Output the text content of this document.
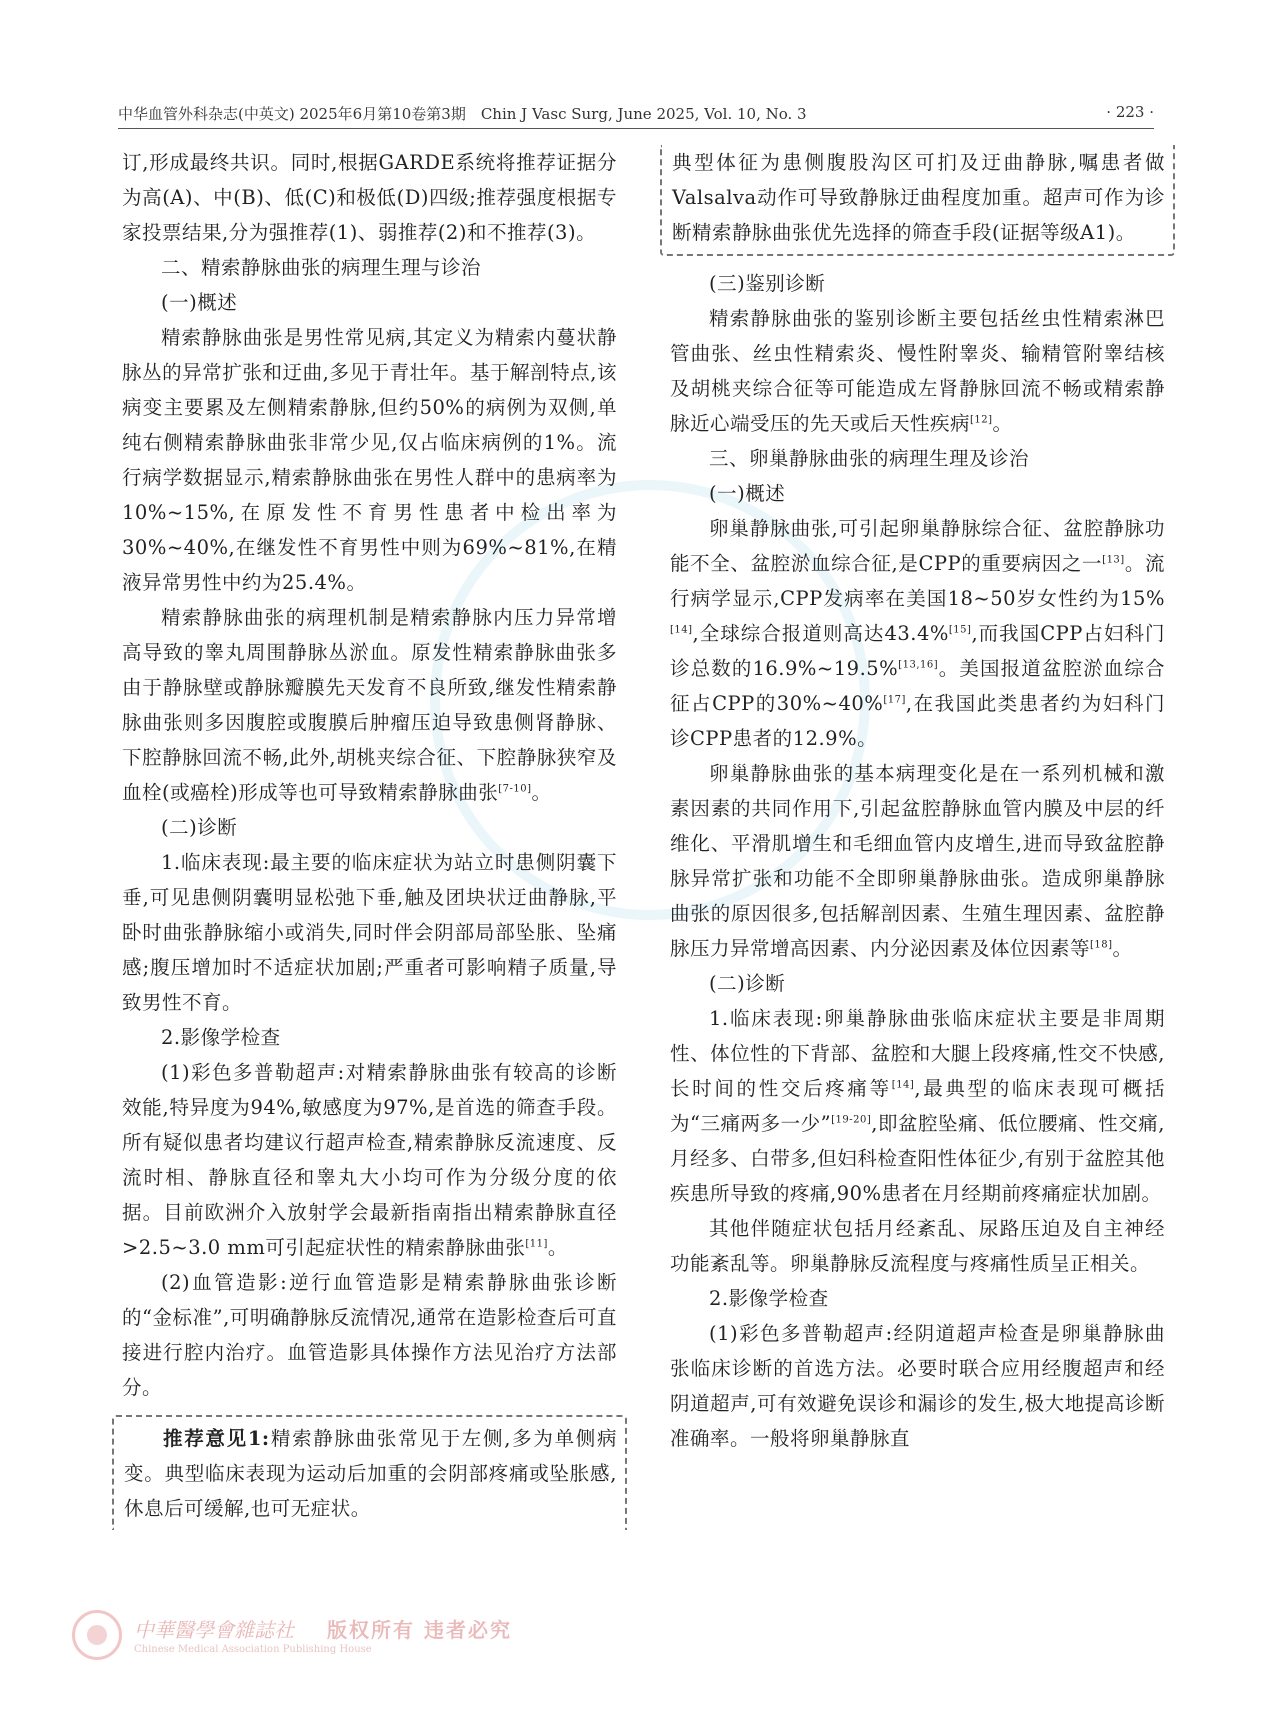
中华血管外科杂志(中英文) 2025年6月第10卷第3期　Chin J Vasc Surg, June 2025, Vol. 10, No. 3	· 223 ·

订,形成最终共识。同时,根据GARDE系统将推荐证据分为高(A)、中(B)、低(C)和极低(D)四级;推荐强度根据专家投票结果,分为强推荐(1)、弱推荐(2)和不推荐(3)。

二、精索静脉曲张的病理生理与诊治

(一)概述

精索静脉曲张是男性常见病,其定义为精索内蔓状静脉丛的异常扩张和迂曲,多见于青壮年。基于解剖特点,该病变主要累及左侧精索静脉,但约50%的病例为双侧,单纯右侧精索静脉曲张非常少见,仅占临床病例的1%。流行病学数据显示,精索静脉曲张在男性人群中的患病率为10%~15%,在原发性不育男性患者中检出率为30%~40%,在继发性不育男性中则为69%~81%,在精液异常男性中约为25.4%。

精索静脉曲张的病理机制是精索静脉内压力异常增高导致的睾丸周围静脉丛淤血。原发性精索静脉曲张多由于静脉壁或静脉瓣膜先天发育不良所致,继发性精索静脉曲张则多因腹腔或腹膜后肿瘤压迫导致患侧肾静脉、下腔静脉回流不畅,此外,胡桃夹综合征、下腔静脉狭窄及血栓(或癌栓)形成等也可导致精索静脉曲张[7-10]。

(二)诊断

1.临床表现:最主要的临床症状为站立时患侧阴囊下垂,可见患侧阴囊明显松弛下垂,触及团块状迂曲静脉,平卧时曲张静脉缩小或消失,同时伴会阴部局部坠胀、坠痛感;腹压增加时不适症状加剧;严重者可影响精子质量,导致男性不育。

2.影像学检查

(1)彩色多普勒超声:对精索静脉曲张有较高的诊断效能,特异度为94%,敏感度为97%,是首选的筛查手段。所有疑似患者均建议行超声检查,精索静脉反流速度、反流时相、静脉直径和睾丸大小均可作为分级分度的依据。目前欧洲介入放射学会最新指南指出精索静脉直径>2.5~3.0 mm可引起症状性的精索静脉曲张[11]。

(2)血管造影:逆行血管造影是精索静脉曲张诊断的“金标准”,可明确静脉反流情况,通常在造影检查后可直接进行腔内治疗。血管造影具体操作方法见治疗方法部分。

推荐意见1:精索静脉曲张常见于左侧,多为单侧病变。典型临床表现为运动后加重的会阴部疼痛或坠胀感,休息后可缓解,也可无症状。

典型体征为患侧腹股沟区可扪及迂曲静脉,嘱患者做Valsalva动作可导致静脉迂曲程度加重。超声可作为诊断精索静脉曲张优先选择的筛查手段(证据等级A1)。

(三)鉴别诊断

精索静脉曲张的鉴别诊断主要包括丝虫性精索淋巴管曲张、丝虫性精索炎、慢性附睾炎、输精管附睾结核及胡桃夹综合征等可能造成左肾静脉回流不畅或精索静脉近心端受压的先天或后天性疾病[12]。

三、卵巢静脉曲张的病理生理及诊治

(一)概述

卵巢静脉曲张,可引起卵巢静脉综合征、盆腔静脉功能不全、盆腔淤血综合征,是CPP的重要病因之一[13]。流行病学显示,CPP发病率在美国18~50岁女性约为15%[14],全球综合报道则高达43.4%[15],而我国CPP占妇科门诊总数的16.9%~19.5%[13,16]。美国报道盆腔淤血综合征占CPP的30%~40%[17],在我国此类患者约为妇科门诊CPP患者的12.9%。

卵巢静脉曲张的基本病理变化是在一系列机械和激素因素的共同作用下,引起盆腔静脉血管内膜及中层的纤维化、平滑肌增生和毛细血管内皮增生,进而导致盆腔静脉异常扩张和功能不全即卵巢静脉曲张。造成卵巢静脉曲张的原因很多,包括解剖因素、生殖生理因素、盆腔静脉压力异常增高因素、内分泌因素及体位因素等[18]。

(二)诊断

1.临床表现:卵巢静脉曲张临床症状主要是非周期性、体位性的下背部、盆腔和大腿上段疼痛,性交不快感,长时间的性交后疼痛等[14],最典型的临床表现可概括为“三痛两多一少”[19-20],即盆腔坠痛、低位腰痛、性交痛,月经多、白带多,但妇科检查阳性体征少,有别于盆腔其他疾患所导致的疼痛,90%患者在月经期前疼痛症状加剧。

其他伴随症状包括月经紊乱、尿路压迫及自主神经功能紊乱等。卵巢静脉反流程度与疼痛性质呈正相关。

2.影像学检查

(1)彩色多普勒超声:经阴道超声检查是卵巢静脉曲张临床诊断的首选方法。必要时联合应用经腹超声和经阴道超声,可有效避免误诊和漏诊的发生,极大地提高诊断准确率。一般将卵巢静脉直

中華醫學會雜誌社
Chinese Medical Association Publishing House
版权所有 违者必究
